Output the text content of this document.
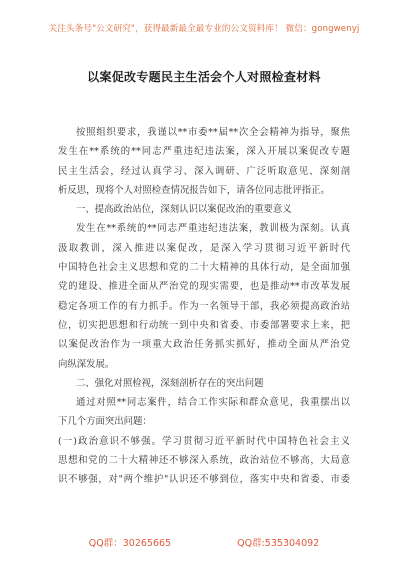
关注头条号"公文研究"，获得最新最全最专业的公文资料库！ 微信：gongwenyj
以案促改专题民主生活会个人对照检查材料
按照组织要求，我谨以**市委**届**次全会精神为指导，聚焦
发生在**系统的**同志严重违纪违法案，深入开展以案促改专题
民主生活会，经过认真学习、深入调研、广泛听取意见、深刻剖
析反思，现将个人对照检查情况报告如下，请各位同志批评指正。
一、提高政治站位，深刻认识以案促改治的重要意义
发生在**系统的**同志严重违纪违法案，教训极为深刻。认真
汲取教训，深入推进以案促改，是深入学习贯彻习近平新时代
中国特色社会主义思想和党的二十大精神的具体行动，是全面加强
党的建设、推进全面从严治党的现实需要，也是推动**市改革发展
稳定各项工作的有力抓手。作为一名领导干部，我必须提高政治站
位，切实把思想和行动统一到中央和省委、市委部署要求上来，把
以案促改治作为一项重大政治任务抓实抓好，推动全面从严治党
向纵深发展。
二、强化对照检视，深刻剖析存在的突出问题
通过对照**同志案件，结合工作实际和群众意见，我重摆出以
下几个方面突出问题：
(一)政治意识不够强。学习贯彻习近平新时代中国特色社会主义
思想和党的二十大精神还不够深入系统，政治站位不够高，大局意
识不够强，对"两个维护"认识还不够到位，落实中央和省委、市委
QQ群：30265665	QQ群:535304092
